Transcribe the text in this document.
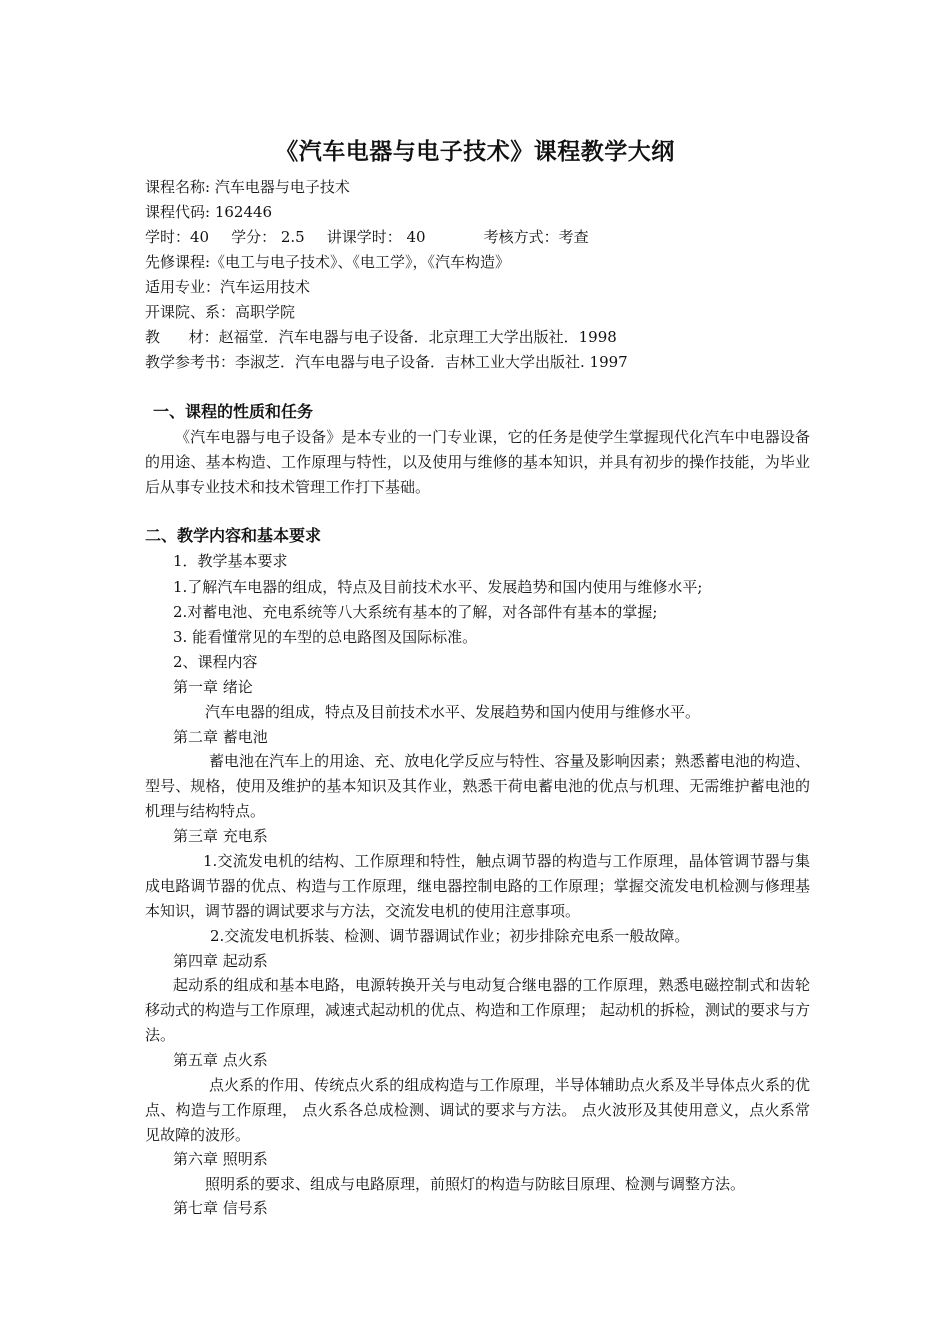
《汽车电器与电子技术》课程教学大纲
课程名称: 汽车电器与电子技术
课程代码: 162446
学时：40 学分： 2.5 讲课学时： 40	考核方式：考查
先修课程:《电工与电子技术》、《电工学》，《汽车构造》
适用专业：汽车运用技术
开课院、系：高职学院
教      材：赵福堂．汽车电器与电子设备．北京理工大学出版社．1998
教学参考书：李淑芝．汽车电器与电子设备．吉林工业大学出版社. 1997
一、课程的性质和任务
《汽车电器与电子设备》是本专业的一门专业课，它的任务是使学生掌握现代化汽车中电器设备的用途、基本构造、工作原理与特性，以及使用与维修的基本知识，并具有初步的操作技能，为毕业后从事专业技术和技术管理工作打下基础。
二、教学内容和基本要求
1．教学基本要求
1.了解汽车电器的组成，特点及目前技术水平、发展趋势和国内使用与维修水平;
2.对蓄电池、充电系统等八大系统有基本的了解，对各部件有基本的掌握;
3. 能看懂常见的车型的总电路图及国际标准。
2、课程内容
第一章 绪论
汽车电器的组成，特点及目前技术水平、发展趋势和国内使用与维修水平。
第二章 蓄电池
蓄电池在汽车上的用途、充、放电化学反应与特性、容量及影响因素；熟悉蓄电池的构造、型号、规格，使用及维护的基本知识及其作业，熟悉干荷电蓄电池的优点与机理、无需维护蓄电池的机理与结构特点。
第三章 充电系
1.交流发电机的结构、工作原理和特性，触点调节器的构造与工作原理，晶体管调节器与集成电路调节器的优点、构造与工作原理，继电器控制电路的工作原理；掌握交流发电机检测与修理基本知识，调节器的调试要求与方法，交流发电机的使用注意事项。
2.交流发电机拆装、检测、调节器调试作业；初步排除充电系一般故障。
第四章 起动系
起动系的组成和基本电路，电源转换开关与电动复合继电器的工作原理，熟悉电磁控制式和齿轮移动式的构造与工作原理，减速式起动机的优点、构造和工作原理； 起动机的拆检，测试的要求与方法。
第五章 点火系
点火系的作用、传统点火系的组成构造与工作原理，半导体辅助点火系及半导体点火系的优点、构造与工作原理， 点火系各总成检测、调试的要求与方法。 点火波形及其使用意义，点火系常见故障的波形。
第六章 照明系
照明系的要求、组成与电路原理，前照灯的构造与防眩目原理、检测与调整方法。
第七章 信号系
